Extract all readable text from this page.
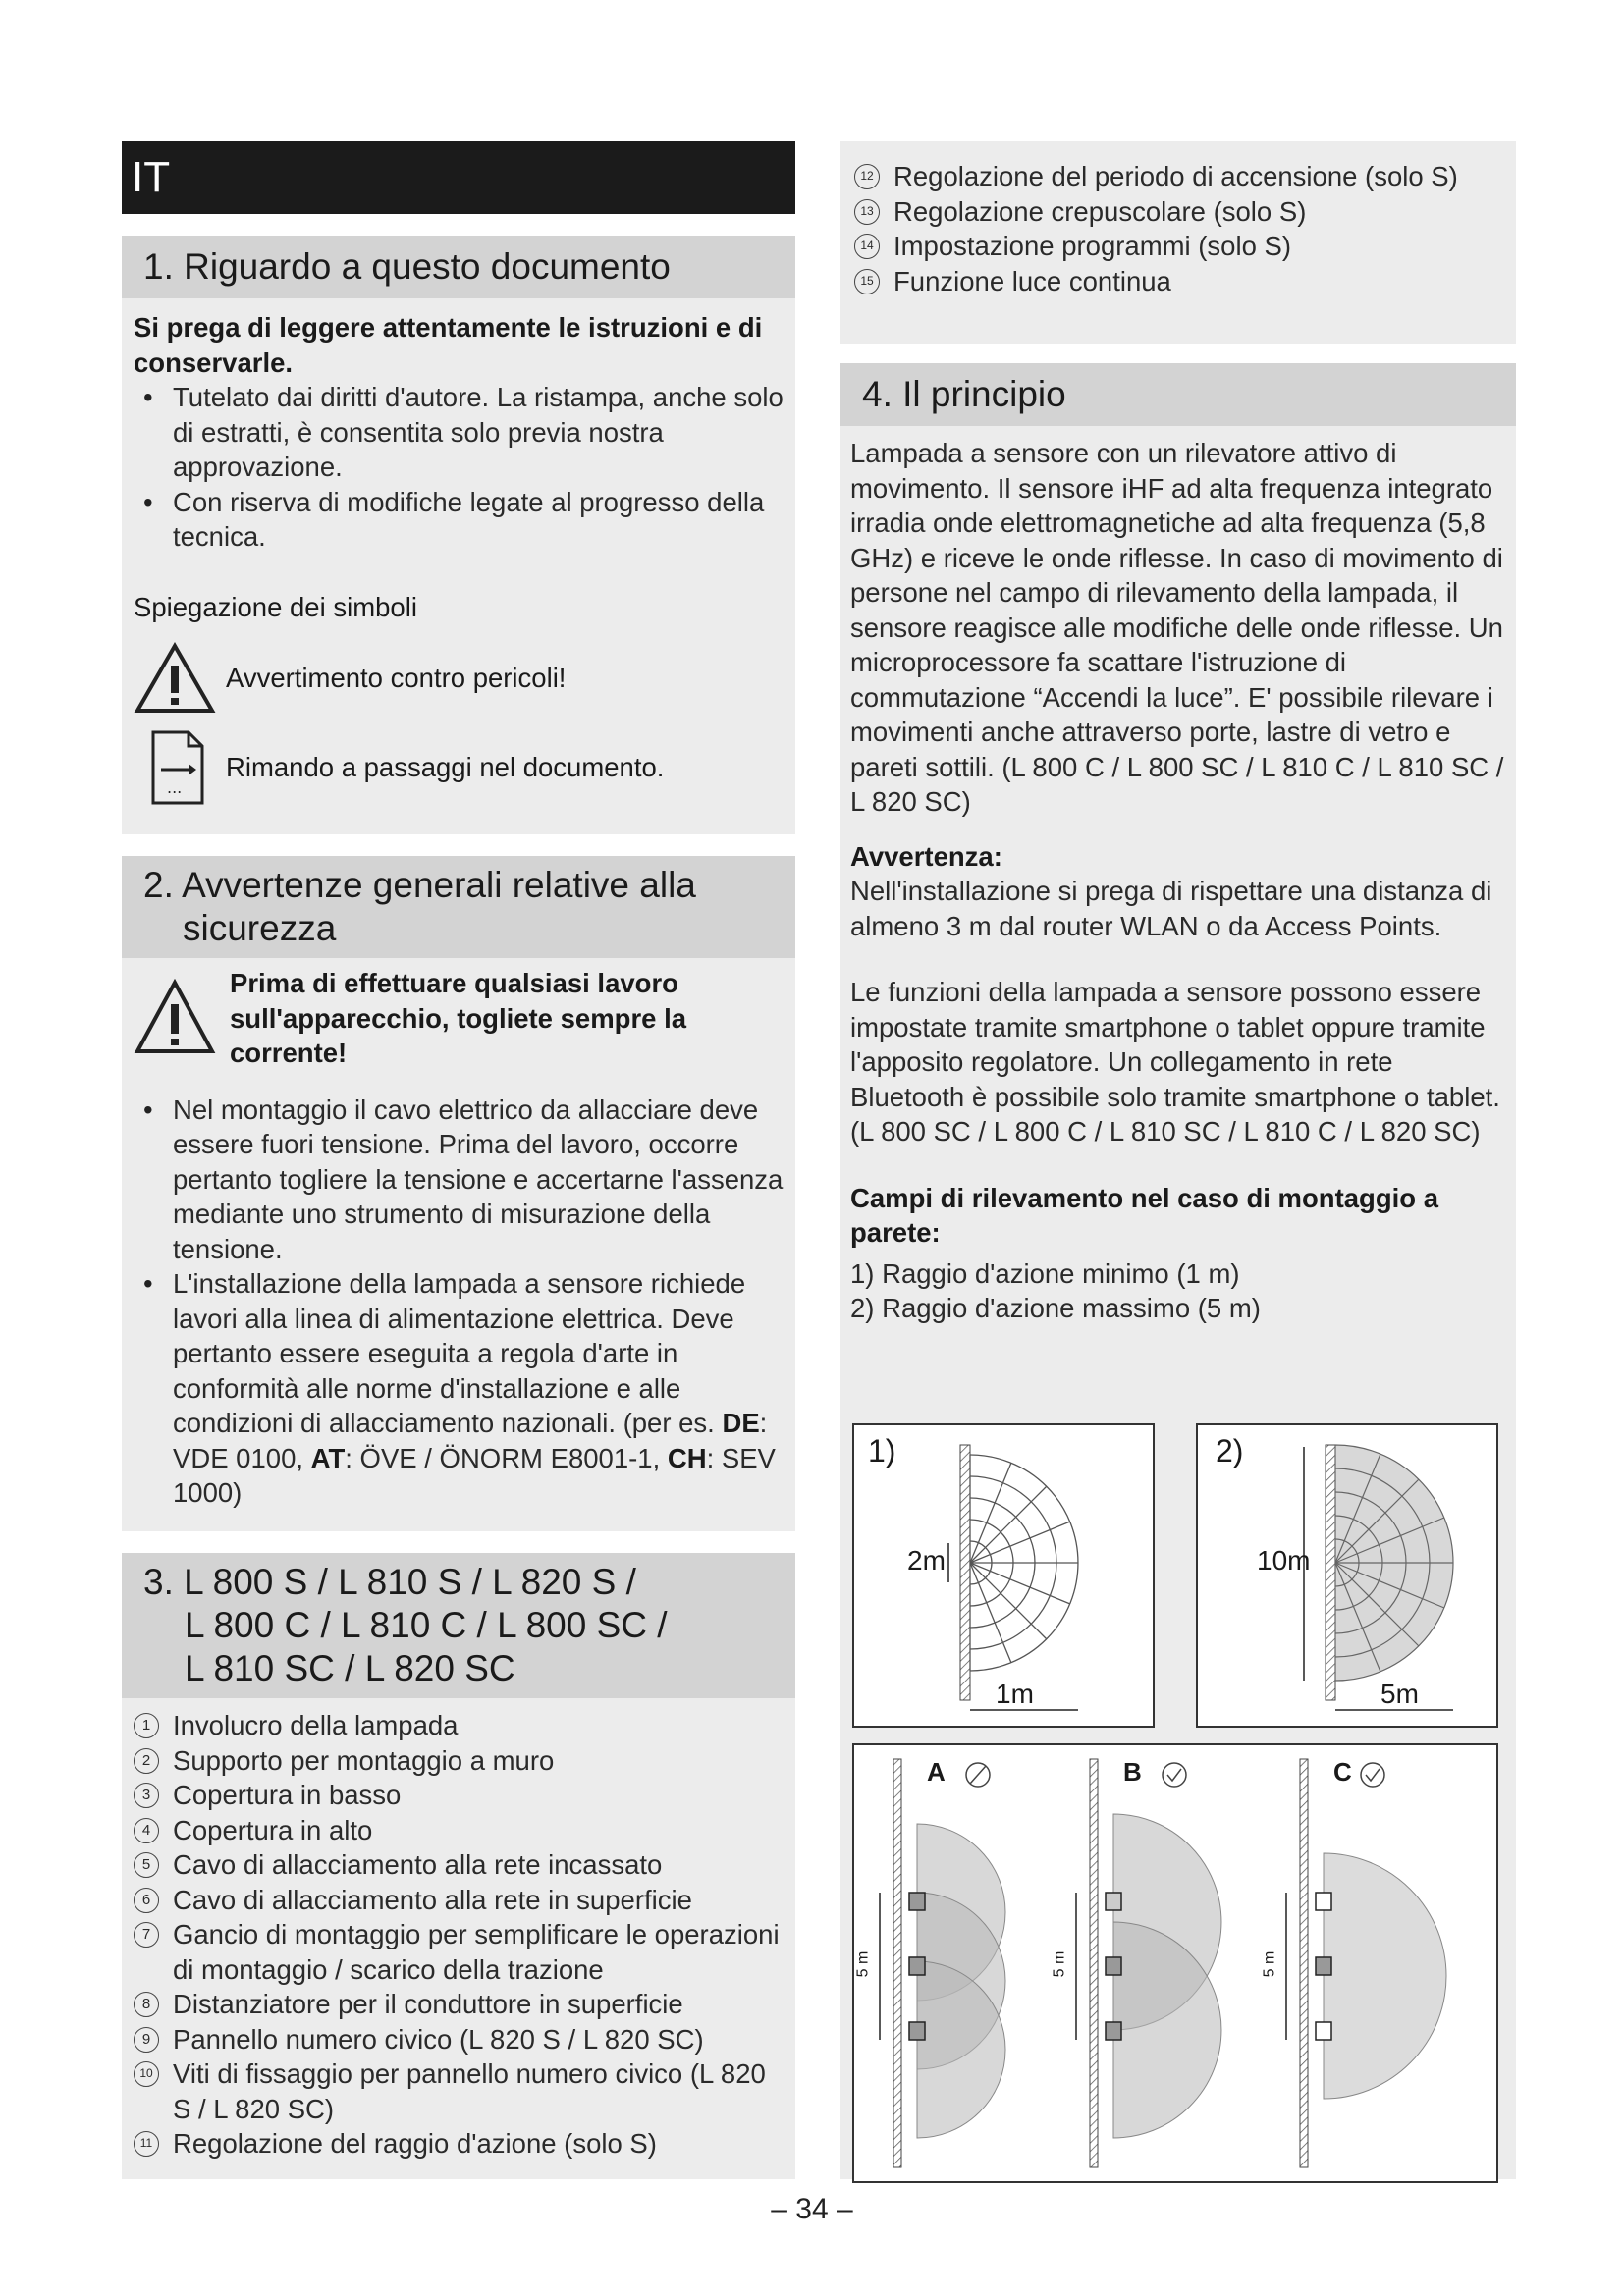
IT
1. Riguardo a questo documento
Si prega di leggere attentamente le istruzioni e di conservarle.
• Tutelato dai diritti d'autore. La ristampa, anche solo di estratti, è consentita solo previa nostra approvazione.
• Con riserva di modifiche legate al progresso della tecnica.
Spiegazione dei simboli
Avvertimento contro pericoli!
...
Rimando a passaggi nel documento.
2. Avvertenze generali relative alla
sicurezza
Prima di effettuare qualsiasi lavoro sull'apparecchio, togliete sempre la corrente!
• Nel montaggio il cavo elettrico da allacciare deve essere fuori tensione. Prima del lavoro, occorre pertanto togliere la tensione e accertarne l'assenza mediante uno strumento di misurazione della tensione.
• L'installazione della lampada a sensore richiede lavori alla linea di alimentazione elettrica. Deve pertanto essere eseguita a regola d'arte in conformità alle norme d'installazione e alle condizioni di allacciamento nazionali. (per es. DE: VDE 0100, AT: ÖVE / ÖNORM E8001-1, CH: SEV 1000)
3. L 800 S / L 810 S / L 820 S /
L 800 C / L 810 C / L 800 SC /
L 810 SC / L 820 SC
1 Involucro della lampada
2 Supporto per montaggio a muro
3 Copertura in basso
4 Copertura in alto
5 Cavo di allacciamento alla rete incassato
6 Cavo di allacciamento alla rete in superficie
7 Gancio di montaggio per semplificare le operazioni di montaggio / scarico della trazione
8 Distanziatore per il conduttore in superficie
9 Pannello numero civico (L 820 S / L 820 SC)
10 Viti di fissaggio per pannello numero civico (L 820 S / L 820 SC)
11 Regolazione del raggio d'azione (solo S)
12 Regolazione del periodo di accensione (solo S)
13 Regolazione crepuscolare (solo S)
14 Impostazione programmi (solo S)
15 Funzione luce continua
4. Il principio
Lampada a sensore con un rilevatore attivo di movimento. Il sensore iHF ad alta frequenza integrato irradia onde elettromagnetiche ad alta frequenza (5,8 GHz) e riceve le onde riflesse. In caso di movimento di persone nel campo di rilevamento della lampada, il sensore reagisce alle modifiche delle onde riflesse. Un microprocessore fa scattare l'istruzione di commutazione “Accendi la luce”. E' possibile rilevare i movimenti anche attraverso porte, lastre di vetro e pareti sottili. (L 800 C / L 800 SC / L 810 C / L 810 SC / L 820 SC)
Avvertenza:
Nell'installazione si prega di rispettare una distanza di almeno 3 m dal router WLAN o da Access Points.
Le funzioni della lampada a sensore possono essere impostate tramite smartphone o tablet oppure tramite l'apposito regolatore. Un collegamento in rete Bluetooth è possibile solo tramite smartphone o tablet. (L 800 SC / L 800 C / L 810 SC / L 810 C / L 820 SC)
Campi di rilevamento nel caso di montaggio a parete:
1) Raggio d'azione minimo (1 m)
2) Raggio d'azione massimo (5 m)
1)
2m
1m
2)
10m
5m
A	B	C
5 m	5 m	5 m
– 34 –
